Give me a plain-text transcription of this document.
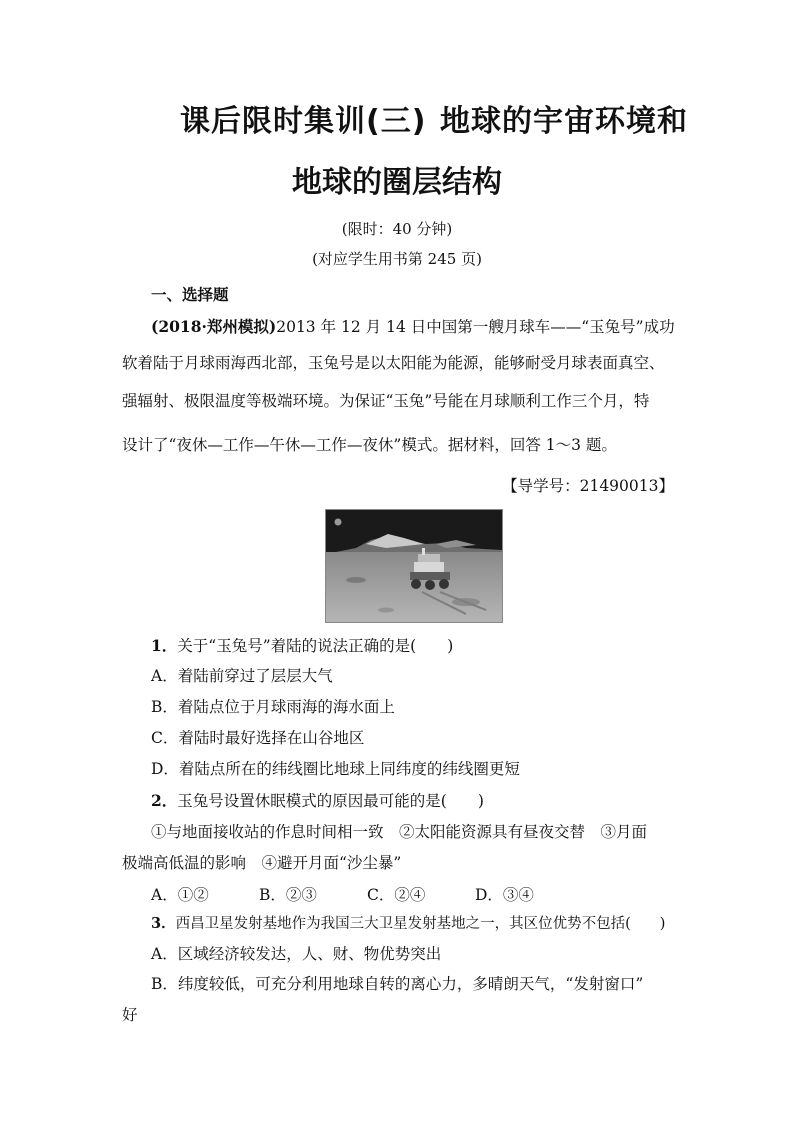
课后限时集训(三) 地球的宇宙环境和
地球的圈层结构
(限时：40 分钟)
(对应学生用书第 245 页)
一、选择题
(2018·郑州模拟)2013 年 12 月 14 日中国第一艘月球车——“玉兔号”成功
软着陆于月球雨海西北部，玉兔号是以太阳能为能源，能够耐受月球表面真空、
强辐射、极限温度等极端环境。为保证“玉兔”号能在月球顺利工作三个月，特
设计了“夜休—工作—午休—工作—夜休”模式。据材料，回答 1～3 题。
【导学号：21490013】
1．关于“玉兔号”着陆的说法正确的是(　　)
A．着陆前穿过了层层大气
B．着陆点位于月球雨海的海水面上
C．着陆时最好选择在山谷地区
D．着陆点所在的纬线圈比地球上同纬度的纬线圈更短
2．玉兔号设置休眠模式的原因最可能的是(　　)
①与地面接收站的作息时间相一致　②太阳能资源具有昼夜交替　③月面
极端高低温的影响　④避开月面“沙尘暴”
A．①②	B．②③	C．②④	D．③④
3．西昌卫星发射基地作为我国三大卫星发射基地之一，其区位优势不包括(　　)
A．区域经济较发达，人、财、物优势突出
B．纬度较低，可充分利用地球自转的离心力，多晴朗天气，“发射窗口”
好
